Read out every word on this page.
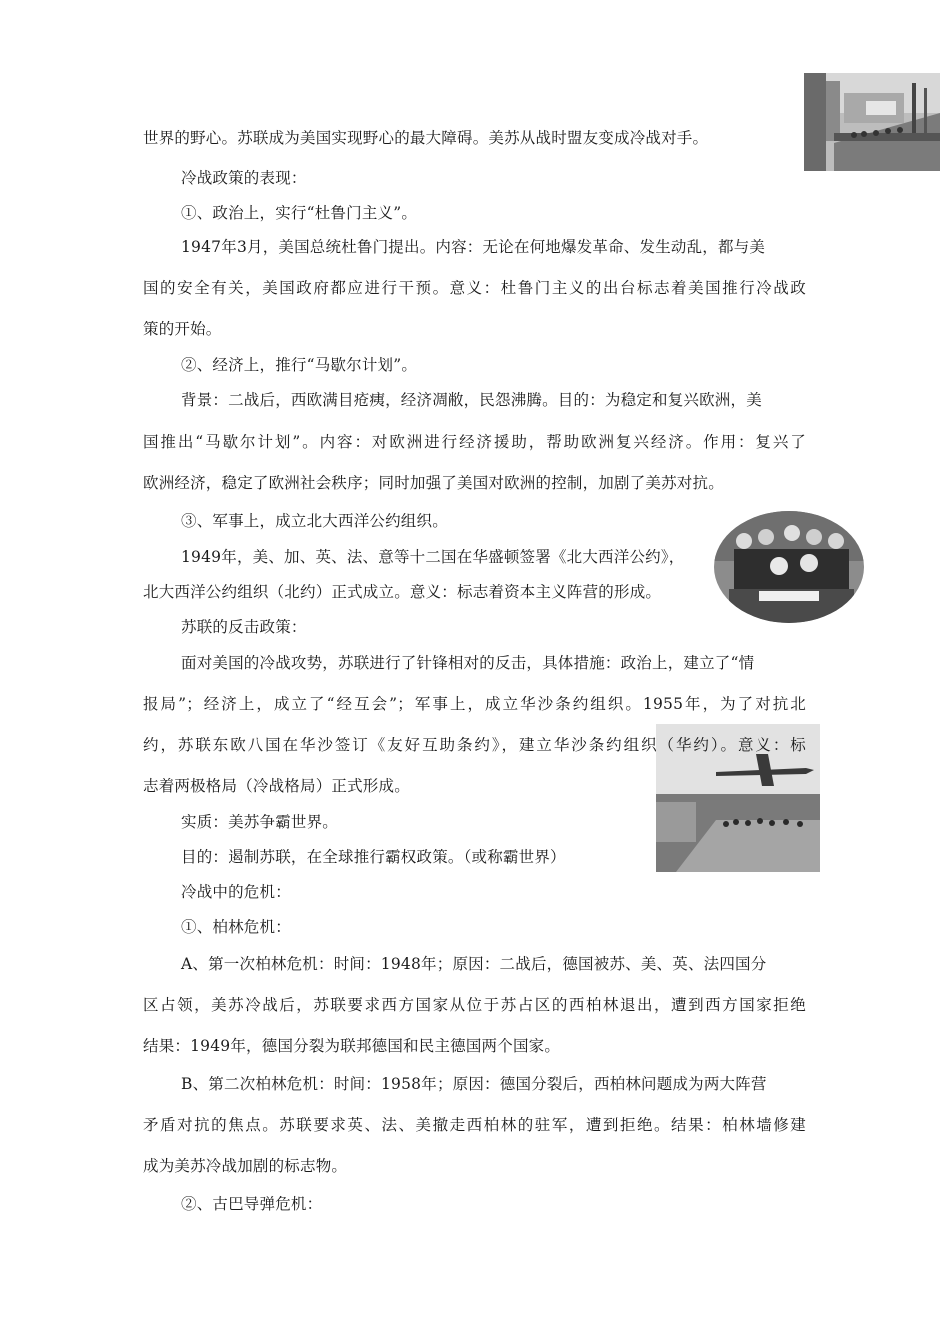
世界的野心。苏联成为美国实现野心的最大障碍。美苏从战时盟友变成冷战对手。
冷战政策的表现：
①、政治上，实行“杜鲁门主义”。
1947年3月，美国总统杜鲁门提出。内容：无论在何地爆发革命、发生动乱，都与美
国的安全有关，美国政府都应进行干预。意义：杜鲁门主义的出台标志着美国推行冷战政
策的开始。
②、经济上，推行“马歇尔计划”。
背景：二战后，西欧满目疮痍，经济凋敝，民怨沸腾。目的：为稳定和复兴欧洲，美
国推出“马歇尔计划”。内容：对欧洲进行经济援助，帮助欧洲复兴经济。作用：复兴了
欧洲经济，稳定了欧洲社会秩序；同时加强了美国对欧洲的控制，加剧了美苏对抗。
③、军事上，成立北大西洋公约组织。
1949年，美、加、英、法、意等十二国在华盛顿签署《北大西洋公约》，
北大西洋公约组织（北约）正式成立。意义：标志着资本主义阵营的形成。
苏联的反击政策：
面对美国的冷战攻势，苏联进行了针锋相对的反击，具体措施：政治上，建立了“情
报局”；经济上，成立了“经互会”；军事上，成立华沙条约组织。1955年，为了对抗北
约，苏联东欧八国在华沙签订《友好互助条约》，建立华沙条约组织（华约）。意义：标
志着两极格局（冷战格局）正式形成。
实质：美苏争霸世界。
目的：遏制苏联，在全球推行霸权政策。（或称霸世界）
冷战中的危机：
①、柏林危机：
A、第一次柏林危机：时间：1948年；原因：二战后，德国被苏、美、英、法四国分
区占领，美苏冷战后，苏联要求西方国家从位于苏占区的西柏林退出，遭到西方国家拒绝
结果：1949年，德国分裂为联邦德国和民主德国两个国家。
B、第二次柏林危机：时间：1958年；原因：德国分裂后，西柏林问题成为两大阵营
矛盾对抗的焦点。苏联要求英、法、美撤走西柏林的驻军，遭到拒绝。结果：柏林墙修建
成为美苏冷战加剧的标志物。
②、古巴导弹危机：
